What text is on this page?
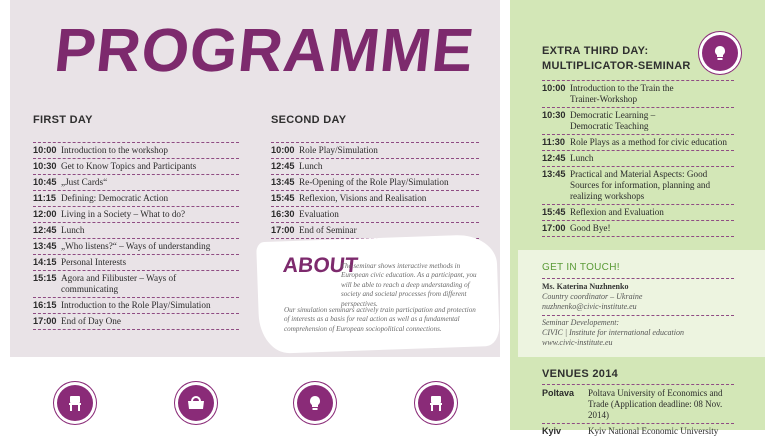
PROGRAMME
FIRST DAY
10:00 Introduction to the workshop
10:30 Get to Know Topics and Participants
10:45 „Just Cards“
11:15 Defining: Democratic Action
12:00 Living in a Society – What to do?
12:45 Lunch
13:45 „Who listens?“ – Ways of understanding
14:15 Personal Interests
15:15 Agora and Filibuster – Ways of communicating
16:15 Introduction to the Role Play/Simulation
17:00 End of Day One
SECOND DAY
10:00 Role Play/Simulation
12:45 Lunch
13:45 Re-Opening of the Role Play/Simulation
15:45 Reflexion, Visions and Realisation
16:30 Evaluation
17:00 End of Seminar
ABOUT
The seminar shows interactive methods in European civic education. As a participant, you will be able to reach a deep understanding of society and societal processes from different perspectives.
Our simulation seminars actively train participation and protection of interests as a basis for real action as well as a fundamental comprehension of European sociopolitical connections.
EXTRA THIRD DAY:
MULTIPLICATOR-SEMINAR
10:00 Introduction to the Train the Trainer-Workshop
10:30 Democratic Learning – Democratic Teaching
11:30 Role Plays as a method for civic education
12:45 Lunch
13:45 Practical and Material Aspects: Good Sources for information, planning and realizing workshops
15:45 Reflexion and Evaluation
17:00 Good Bye!
GET IN TOUCH!
Ms. Katerina Nuzhnenko
Country coordinator – Ukraine
nuzhnenko@civic-institute.eu
Seminar Developement:
CIVIC | Institute for international education
www.civic-institute.eu
VENUES 2014
Poltava Poltava University of Economics and Trade (Application deadline: 08 Nov. 2014)
Kyiv	Kyiv National Economic University
